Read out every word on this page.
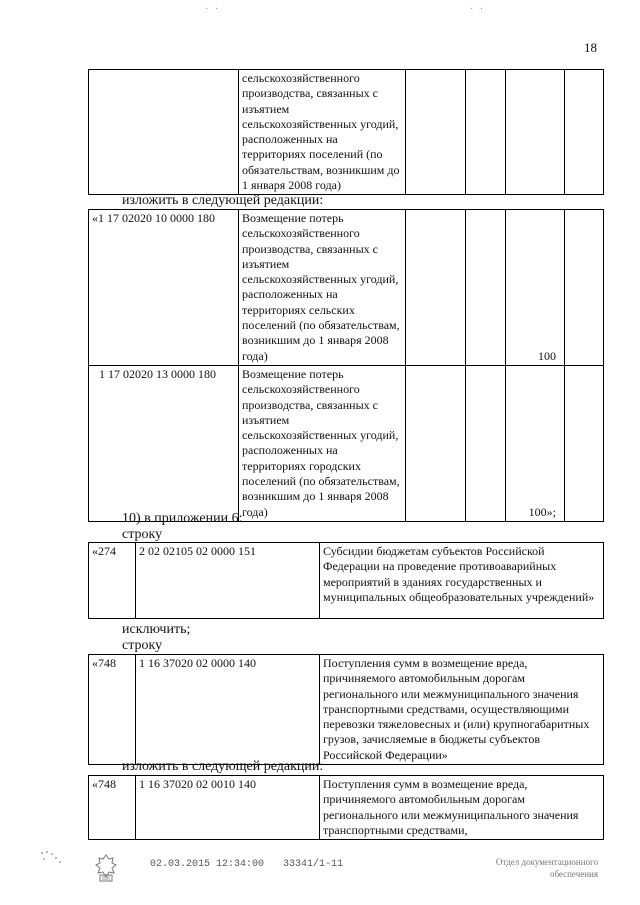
· ·	· ·
18
	сельскохозяйственного производства, связанных с изъятием сельскохозяйственных угодий, расположенных на территориях поселений (по обязательствам, возникшим до 1 января 2008 года)				
изложить в следующей редакции:
«1 17 02020 10 0000 180	Возмещение потерь сельскохозяйственного производства, связанных с изъятием сельскохозяйственных угодий, расположенных на территориях сельских поселений (по обязательствам, возникшим до 1 января 2008 года)			100	
1 17 02020 13 0000 180	Возмещение потерь сельскохозяйственного производства, связанных с изъятием сельскохозяйственных угодий, расположенных на территориях городских поселений (по обязательствам, возникшим до 1 января 2008 года)			100»;	
10) в приложении 6:
строку
«274	2 02 02105 02 0000 151	Субсидии бюджетам субъектов Российской Федерации на проведение противоаварийных мероприятий в зданиях государственных и муниципальных общеобразовательных учреждений»
исключить;
строку
«748	1 16 37020 02 0000 140	Поступления сумм в возмещение вреда, причиняемого автомобильным дорогам регионального или межмуниципального значения транспортными средствами, осуществляющими перевозки тяжеловесных и (или) крупногабаритных грузов, зачисляемые в бюджеты субъектов Российской Федерации»
изложить в следующей редакции:
«748	1 16 37020 02 0010 140	Поступления сумм в возмещение вреда, причиняемого автомобильным дорогам регионального или межмуниципального значения транспортными средствами,
02.03.2015 12:34:00 33341/1-11	Отдел документационного
обеспечения
